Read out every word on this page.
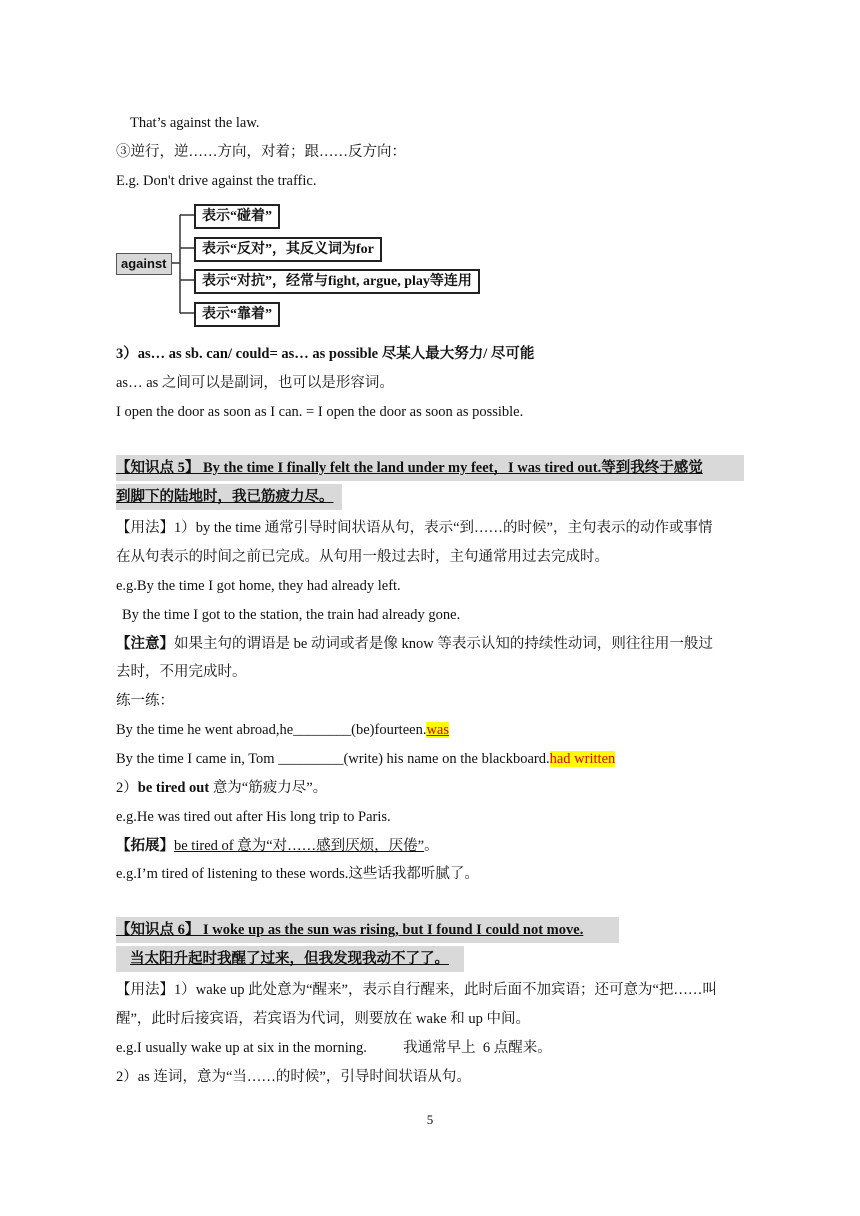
That’s against the law.
③逆行，逆……方向，对着；跟……反方向：
E.g. Don't drive against the traffic.
against
表示“碰着”
表示“反对”，其反义词为for
表示“对抗”，经常与fight, argue, play等连用
表示“靠着”
3）as… as sb. can/ could= as… as possible 尽某人最大努力/ 尽可能
as… as 之间可以是副词，也可以是形容词。
I open the door as soon as I can. = I open the door as soon as possible.
【知识点 5】 By the time I finally felt the land under my feet，I was tired out.等到我终于感觉
到脚下的陆地时，我已筋疲力尽。
【用法】1）by the time 通常引导时间状语从句，表示“到……的时候”，主句表示的动作或事情
在从句表示的时间之前已完成。从句用一般过去时，主句通常用过去完成时。
e.g.By the time I got home, they had already left.
By the time I got to the station, the train had already gone.
【注意】如果主句的谓语是 be 动词或者是像 know 等表示认知的持续性动词，则往往用一般过
去时，不用完成时。
练一练：
By the time he went abroad,he________(be)fourteen.was
By the time I came in, Tom _________(write) his name on the blackboard.had written
2）be tired out 意为“筋疲力尽”。
e.g.He was tired out after His long trip to Paris.
【拓展】be tired of 意为“对……感到厌烦，厌倦”。
e.g.I’m tired of listening to these words.这些话我都听腻了。
【知识点 6】 I woke up as the sun was rising, but I found I could not move.
当太阳升起时我醒了过来，但我发现我动不了了。
【用法】1）wake up 此处意为“醒来”，表示自行醒来，此时后面不加宾语；还可意为“把……叫
醒”，此时后接宾语，若宾语为代词，则要放在 wake 和 up 中间。
e.g.I usually wake up at six in the morning.          我通常早上  6 点醒来。
2）as 连词，意为“当……的时候”，引导时间状语从句。
5
